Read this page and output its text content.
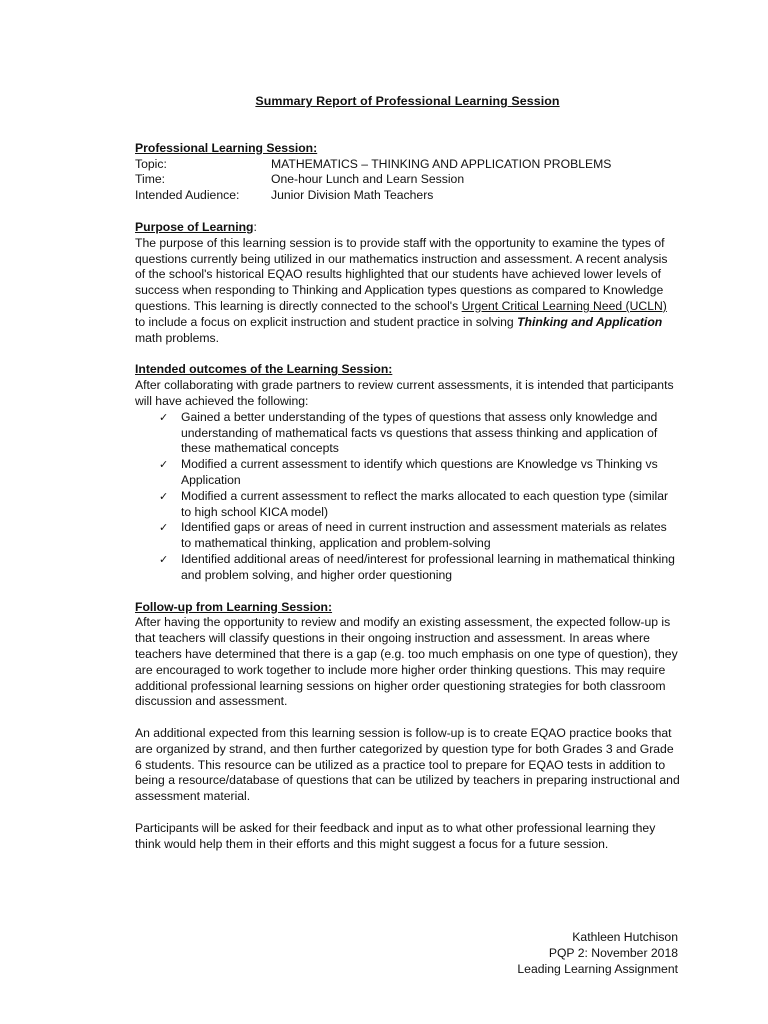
Summary Report of Professional Learning Session

Professional Learning Session:

Topic:	MATHEMATICS – THINKING AND APPLICATION PROBLEMS
Time:	One-hour Lunch and Learn Session
Intended Audience:	Junior Division Math Teachers

Purpose of Learning:

The purpose of this learning session is to provide staff with the opportunity to examine the types of questions currently being utilized in our mathematics instruction and assessment. A recent analysis of the school's historical EQAO results highlighted that our students have achieved lower levels of success when responding to Thinking and Application types questions as compared to Knowledge questions. This learning is directly connected to the school's Urgent Critical Learning Need (UCLN) to include a focus on explicit instruction and student practice in solving Thinking and Application math problems.

Intended outcomes of the Learning Session:

After collaborating with grade partners to review current assessments, it is intended that participants will have achieved the following:

✓ Gained a better understanding of the types of questions that assess only knowledge and understanding of mathematical facts vs questions that assess thinking and application of these mathematical concepts
✓ Modified a current assessment to identify which questions are Knowledge vs Thinking vs Application
✓ Modified a current assessment to reflect the marks allocated to each question type (similar to high school KICA model)
✓ Identified gaps or areas of need in current instruction and assessment materials as relates to mathematical thinking, application and problem-solving
✓ Identified additional areas of need/interest for professional learning in mathematical thinking and problem solving, and higher order questioning

Follow-up from Learning Session:

After having the opportunity to review and modify an existing assessment, the expected follow-up is that teachers will classify questions in their ongoing instruction and assessment. In areas where teachers have determined that there is a gap (e.g. too much emphasis on one type of question), they are encouraged to work together to include more higher order thinking questions. This may require additional professional learning sessions on higher order questioning strategies for both classroom discussion and assessment.

An additional expected from this learning session is follow-up is to create EQAO practice books that are organized by strand, and then further categorized by question type for both Grades 3 and Grade 6 students. This resource can be utilized as a practice tool to prepare for EQAO tests in addition to being a resource/database of questions that can be utilized by teachers in preparing instructional and assessment material.

Participants will be asked for their feedback and input as to what other professional learning they think would help them in their efforts and this might suggest a focus for a future session.

Kathleen Hutchison
PQP 2: November 2018
Leading Learning Assignment
